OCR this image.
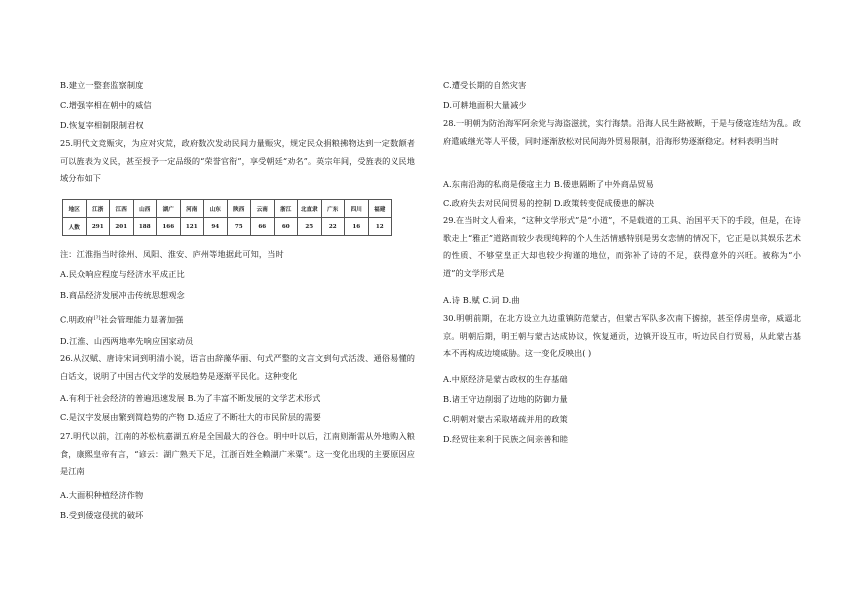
B.建立一整套监察制度
C.增强宰相在朝中的威信
D.恢复宰相制限制君权
25.明代文竞赈灾，为应对灾荒，政府数次发动民间力量赈灾，规定民众捐粮拂物达到一定数额者可以旌表为义民，甚至授予一定品级的“荣誉官衔”，享受朝廷“劝名”。英宗年间，受旌表的义民地域分布如下
地区	江浙	江西	山西	湖广	河南	山东	陕西	云南	浙江	北直隶	广东	四川	福建
人数	291	201	188	166	121	94	75	66	60	25	22	16	12
注：江淮指当时徐州、凤阳、淮安、庐州等地据此可知，当时
A.民众响应程度与经济水平成正比
B.商品经济发展冲击传统思想观念
C.明政府[?]社会管理能力显著加强
D.江淮、山西两地率先响应国家动员
26.从汉赋、唐诗宋词到明清小说，语言由辞藻华丽、句式严整的文言文到句式活泼、通俗易懂的白话文，说明了中国古代文学的发展趋势是逐渐平民化。这种变化
A.有利于社会经济的普遍迅速发展 B.为了丰富不断发展的文学艺术形式
C.是汉字发展由繁到简趋势的产物 D.适应了不断壮大的市民阶层的需要
27.明代以前，江南的苏松杭嘉湖五府是全国最大的谷仓。明中叶以后，江南则渐需从外地购入粮食，康熙皇帝有言，“谚云：湖广熟天下足，江浙百姓全赖湖广米粟”。这一变化出现的主要原因应是江南
A.大面积种植经济作物
B.受到倭寇侵扰的破坏
C.遭受长期的自然灾害
D.可耕地面积大量减少
28.一明朝为防治海军阿余党与海盗滋扰，实行海禁。沿海人民生路被断，于是与倭寇连结为乱。政府遣戚继光等人平倭，同时逐渐放松对民间海外贸易限制，沿海形势逐渐稳定。材料表明当时
A.东南沿海的私商是倭寇主力 B.倭患隔断了中外商品贸易
C.政府失去对民间贸易的控制 D.政策转变促成倭患的解决
29.在当时文人看来，“这种文学形式”是“小道”，不是载道的工具、治国平天下的手段，但是，在诗歌走上“雅正”道路而较少表现纯粹的个人生活情感特别是男女恋情的情况下，它正是以其娱乐艺术的性质、不够堂皇正大却也较少拘谨的地位，而弥补了诗的不足，获得意外的兴旺。被称为“小道”的文学形式是
A.诗 B.赋 C.词 D.曲
30.明朝前期，在北方设立九边重镇防范蒙古，但蒙古军队多次南下掳掠，甚至俘虏皇帝，威逼北京。明朝后期，明王朝与蒙古达成协议，恢复通贡，边镇开设互市，听边民自行贸易，从此蒙古基本不再构成边境威胁。这一变化反映出( )
A.中原经济是蒙古政权的生存基础
B.诸王守边削弱了边地的防御力量
C.明朝对蒙古采取堵疏并用的政策
D.经贸往来利于民族之间亲善和睦
